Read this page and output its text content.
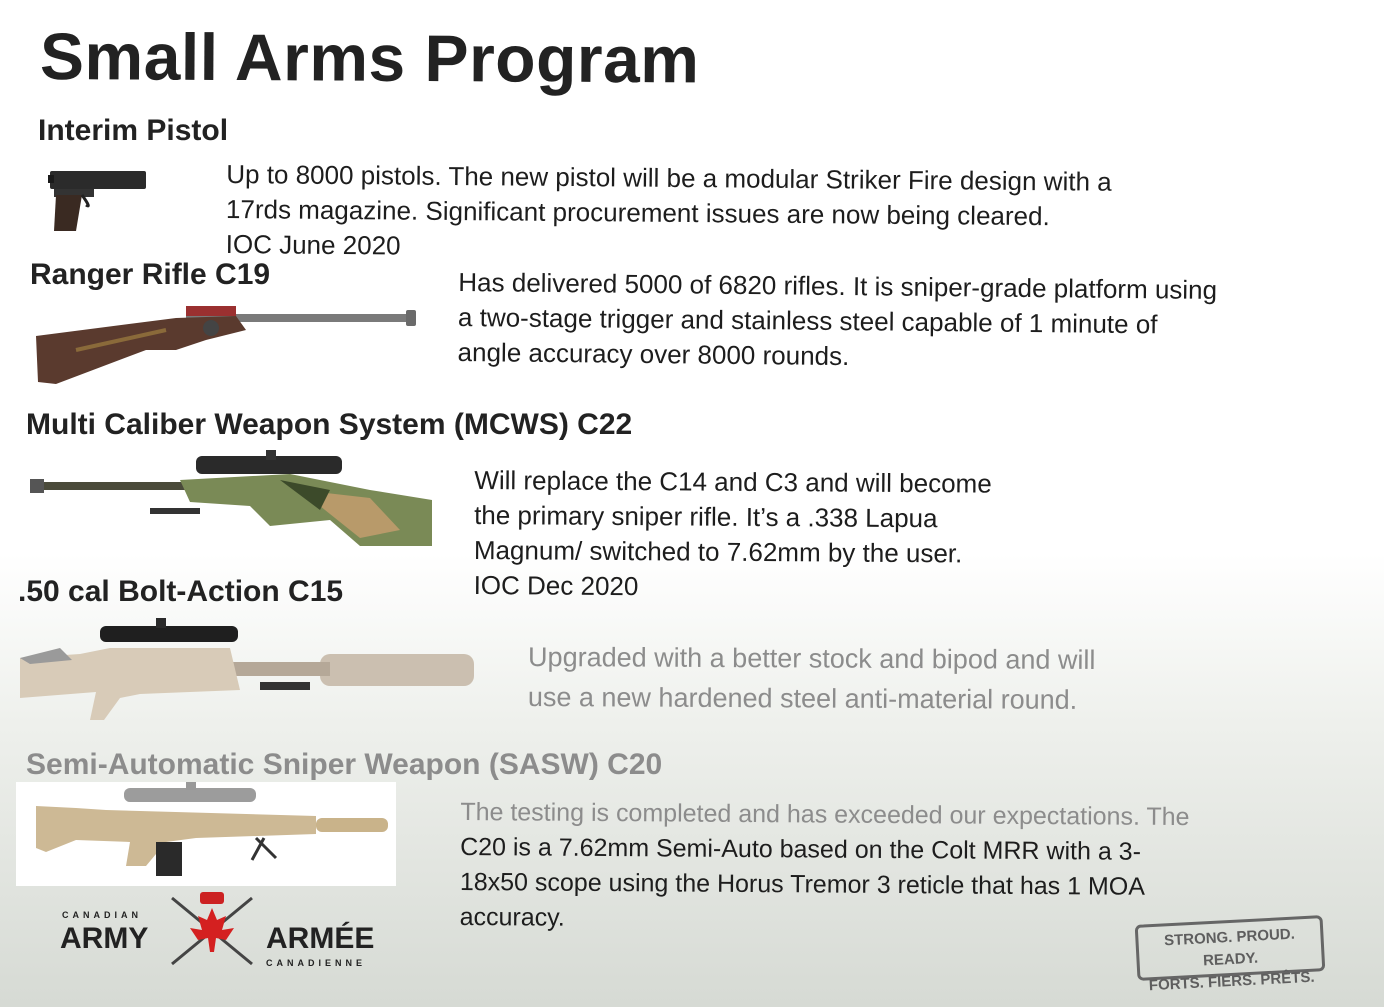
Small Arms Program
Interim Pistol
Up to 8000 pistols. The new pistol will be a modular Striker Fire design with a
17rds magazine. Significant procurement issues are now being cleared.
IOC June 2020
Ranger Rifle C19	Has delivered 5000 of 6820 rifles. It is sniper-grade platform using
a two-stage trigger and stainless steel capable of 1 minute of
angle accuracy over 8000 rounds.
Multi Caliber Weapon System (MCWS) C22
Will replace the C14 and C3 and will become
the primary sniper rifle. It’s a .338 Lapua
Magnum/ switched to 7.62mm by the user.
IOC Dec 2020
.50 cal Bolt-Action C15
Upgraded with a better stock and bipod and will
use a new hardened steel anti-material round.
Semi-Automatic Sniper Weapon (SASW) C20
The testing is completed and has exceeded our expectations. The
C20 is a 7.62mm Semi-Auto based on the Colt MRR with a 3-
18x50 scope using the Horus Tremor 3 reticle that has 1 MOA
accuracy.
CANADIAN
ARMY	ARMÉE
CANADIENNE
STRONG. PROUD. READY.
FORTS. FIERS. PRÊTS.
